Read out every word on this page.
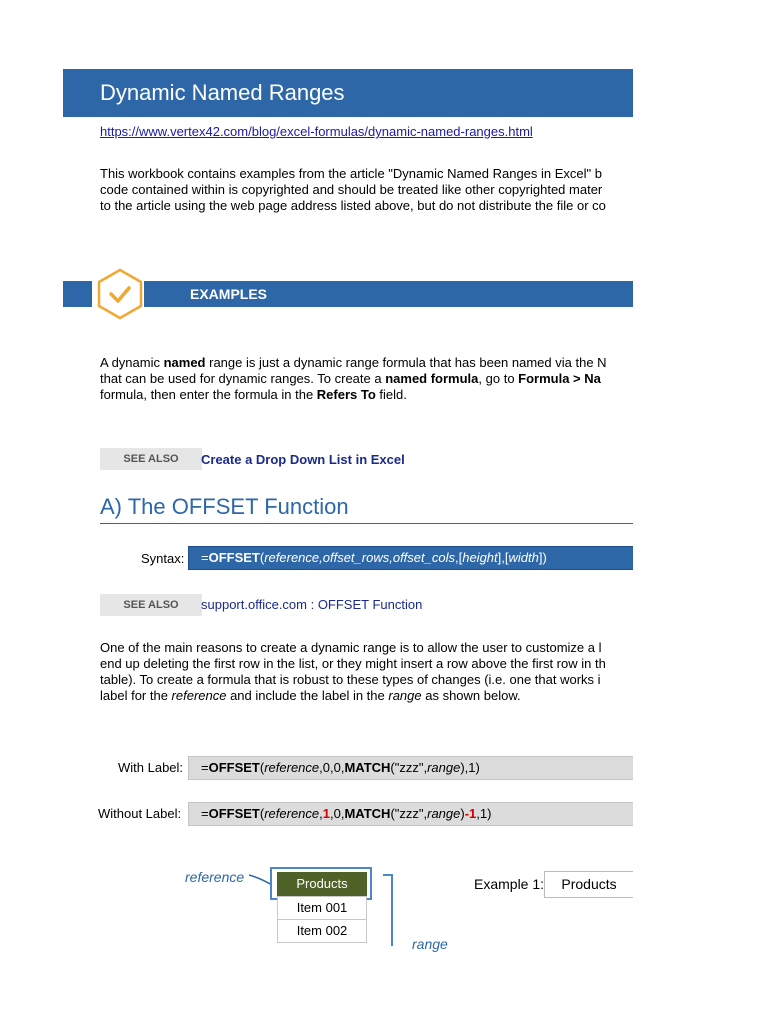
Dynamic Named Ranges
https://www.vertex42.com/blog/excel-formulas/dynamic-named-ranges.html
This workbook contains examples from the article "Dynamic Named Ranges in Excel" b
code contained within is copyrighted and should be treated like other copyrighted mater
to the article using the web page address listed above, but do not distribute the file or co
EXAMPLES
A dynamic named range is just a dynamic range formula that has been named via the N
that can be used for dynamic ranges. To create a named formula, go to Formula > Na
formula, then enter the formula in the Refers To field.
SEE ALSO	Create a Drop Down List in Excel
A) The OFFSET Function
Syntax: =OFFSET(reference,offset_rows,offset_cols,[height],[width])
SEE ALSO	support.office.com : OFFSET Function
One of the main reasons to create a dynamic range is to allow the user to customize a l
end up deleting the first row in the list, or they might insert a row above the first row in th
table). To create a formula that is robust to these types of changes (i.e. one that works i
label for the reference and include the label in the range as shown below.
With Label: =OFFSET(reference,0,0,MATCH("zzz",range),1)
Without Label: =OFFSET(reference,1,0,MATCH("zzz",range)-1,1)
reference	Products
Item 001
Item 002
range
Example 1:	Products
